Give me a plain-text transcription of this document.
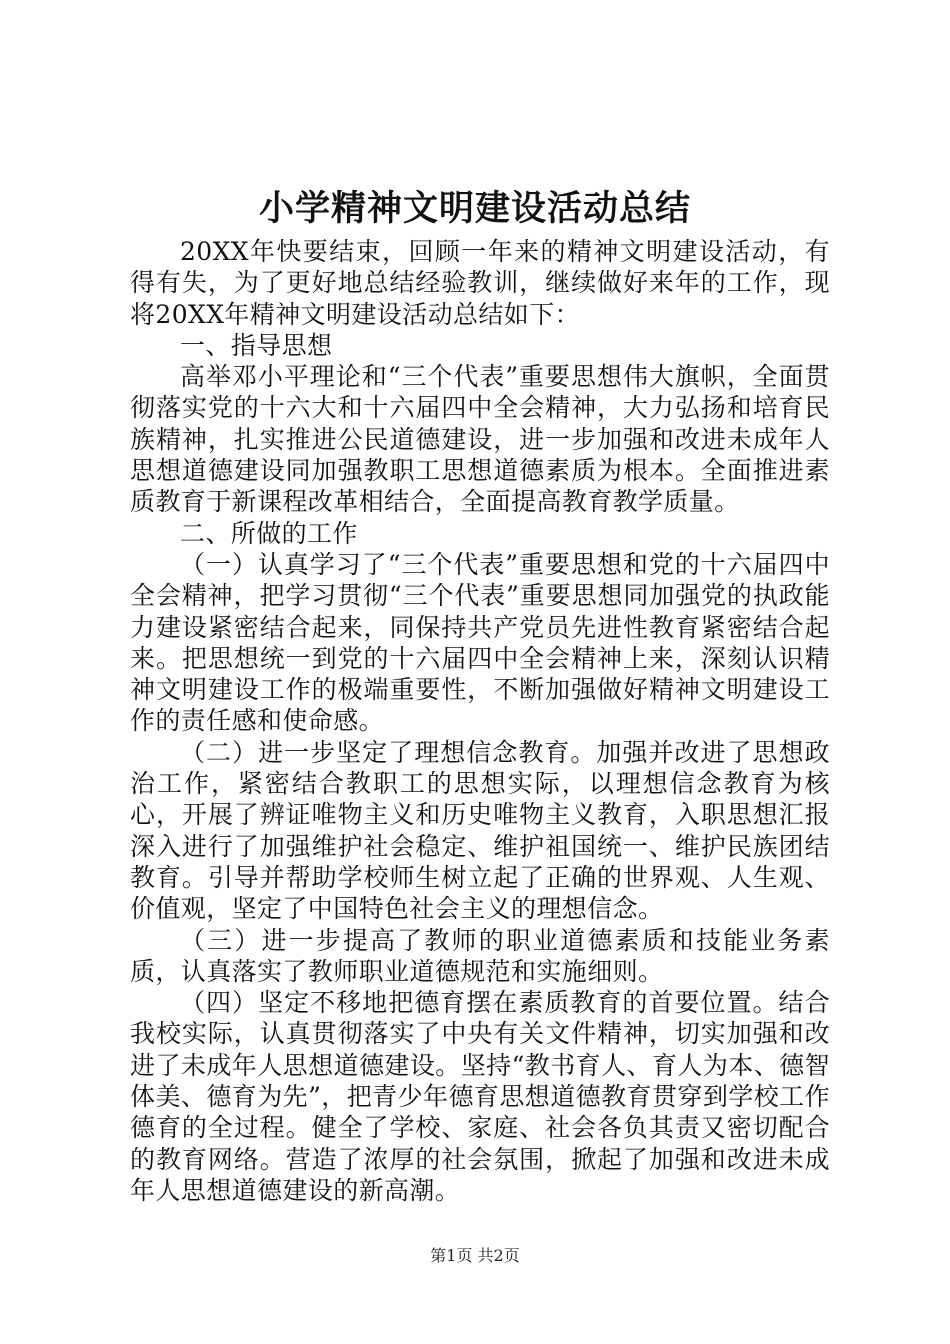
小学精神文明建设活动总结

20XX年快要结束，回顾一年来的精神文明建设活动，有得有失，为了更好地总结经验教训，继续做好来年的工作，现将20XX年精神文明建设活动总结如下：

一、指导思想

高举邓小平理论和“三个代表”重要思想伟大旗帜，全面贯彻落实党的十六大和十六届四中全会精神，大力弘扬和培育民族精神，扎实推进公民道德建设，进一步加强和改进未成年人思想道德建设同加强教职工思想道德素质为根本。全面推进素质教育于新课程改革相结合，全面提高教育教学质量。

二、所做的工作

（一）认真学习了“三个代表”重要思想和党的十六届四中全会精神，把学习贯彻“三个代表”重要思想同加强党的执政能力建设紧密结合起来，同保持共产党员先进性教育紧密结合起来。把思想统一到党的十六届四中全会精神上来，深刻认识精神文明建设工作的极端重要性，不断加强做好精神文明建设工作的责任感和使命感。

（二）进一步坚定了理想信念教育。加强并改进了思想政治工作，紧密结合教职工的思想实际，以理想信念教育为核心，开展了辨证唯物主义和历史唯物主义教育，入职思想汇报深入进行了加强维护社会稳定、维护祖国统一、维护民族团结教育。引导并帮助学校师生树立起了正确的世界观、人生观、价值观，坚定了中国特色社会主义的理想信念。

（三）进一步提高了教师的职业道德素质和技能业务素质，认真落实了教师职业道德规范和实施细则。

（四）坚定不移地把德育摆在素质教育的首要位置。结合我校实际，认真贯彻落实了中央有关文件精神，切实加强和改进了未成年人思想道德建设。坚持“教书育人、育人为本、德智体美、德育为先”，把青少年德育思想道德教育贯穿到学校工作德育的全过程。健全了学校、家庭、社会各负其责又密切配合的教育网络。营造了浓厚的社会氛围，掀起了加强和改进未成年人思想道德建设的新高潮。

第1页 共2页
